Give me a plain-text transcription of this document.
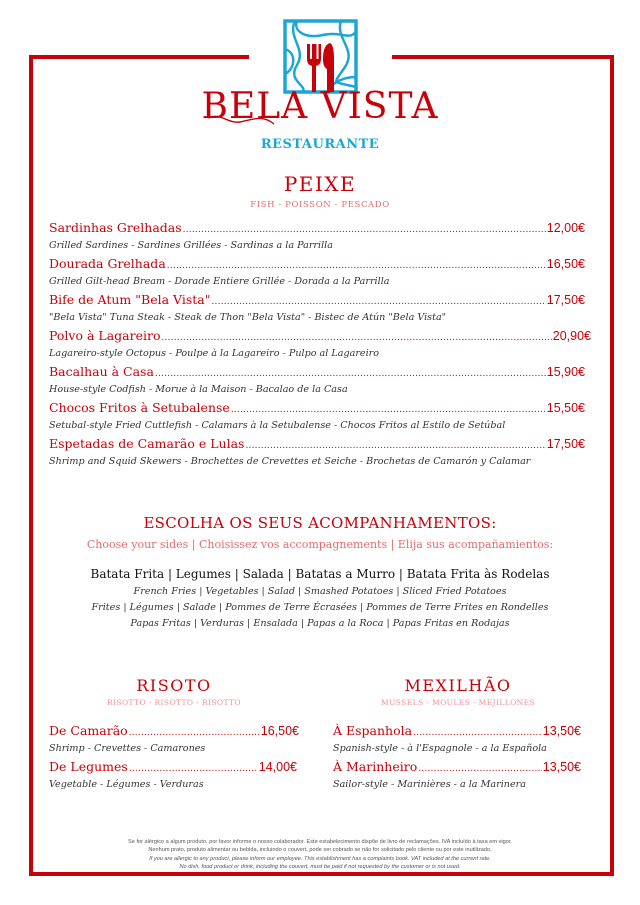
BELA VISTA
RESTAURANTE
PEIXE
FISH - POISSON - PESCADO
Sardinhas Grelhadas .....	12,00€
Grilled Sardines - Sardines Grillées - Sardinas a la Parrilla
Dourada Grelhada .....	16,50€
Grilled Gilt-head Bream - Dorade Entiere Grillée - Dorada a la Parrilla
Bife de Atum "Bela Vista" .....	17,50€
"Bela Vista" Tuna Steak - Steak de Thon "Bela Vista" - Bistec de Atún "Bela Vista"
Polvo à Lagareiro .....	20,90€
Lagareiro-style Octopus - Poulpe à la Lagareiro - Pulpo al Lagareiro
Bacalhau à Casa .....	15,90€
House-style Codfish - Morue à la Maison - Bacalao de la Casa
Chocos Fritos à Setubalense .....	15,50€
Setubal-style Fried Cuttlefish - Calamars à la Setubalense - Chocos Fritos al Estilo de Setúbal
Espetadas de Camarão e Lulas .....	17,50€
Shrimp and Squid Skewers - Brochettes de Crevettes et Seiche - Brochetas de Camarón y Calamar
ESCOLHA OS SEUS ACOMPANHAMENTOS:
Choose your sides | Choisissez vos accompagnements | Elija sus acompañamientos:
Batata Frita | Legumes | Salada | Batatas a Murro | Batata Frita às Rodelas
French Fries | Vegetables | Salad | Smashed Potatoes | Sliced Fried Potatoes
Frites | Légumes | Salade | Pommes de Terre Écrasées | Pommes de Terre Frites en Rondelles
Papas Fritas | Verduras | Ensalada | Papas a la Roca | Papas Fritas en Rodajas
RISOTO
RISOTTO - RISOTTO - RISOTTO
De Camarão .....	16,50€
Shrimp - Crevettes - Camarones
De Legumes .....	14,00€
Vegetable - Légumes - Verduras
MEXILHÃO
MUSSELS - MOULES - MEJILLONES
À Espanhola .....	13,50€
Spanish-style - à l'Espagnole - a la Española
À Marinheiro .....	13,50€
Sailor-style - Marinières - a la Marinera
Se for alérgico a algum produto, por favor informe o nosso colaborador. Este estabelecimento dispõe de livro de reclamações. IVA incluído à taxa em vigor.
Nenhum prato, produto alimentar ou bebida, incluindo o couvert, pode ser cobrado se não for solicitado pelo cliente ou por este inutilizado,
If you are allergic to any product, please inform our employee. This establishment has a complaints book. VAT included at the current rate.
No dish, food product or drink, including the couvert, must be paid if not requested by the customer or is not used.
